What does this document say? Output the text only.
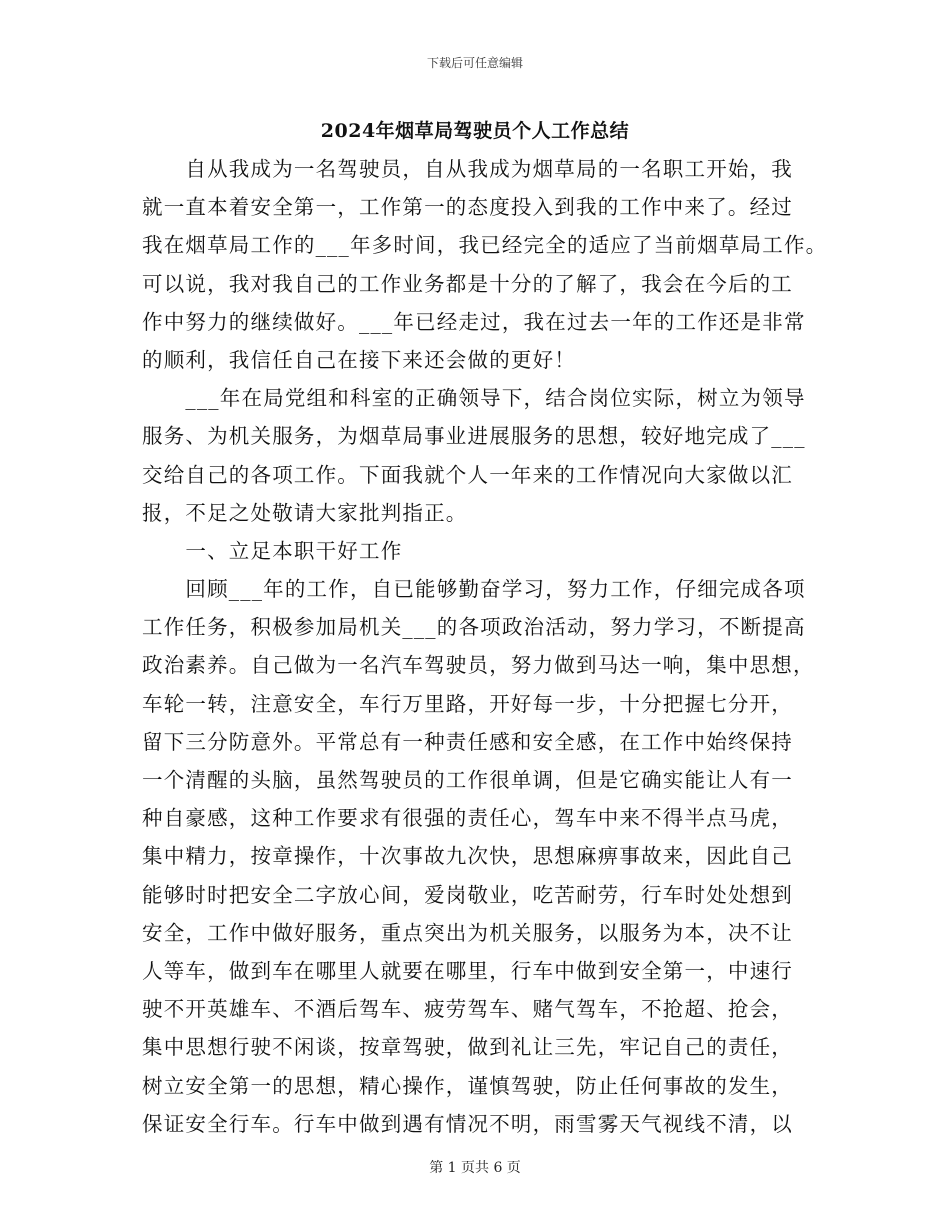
下载后可任意编辑
2024年烟草局驾驶员个人工作总结
　　自从我成为一名驾驶员，自从我成为烟草局的一名职工开始，我
就一直本着安全第一，工作第一的态度投入到我的工作中来了。经过
我在烟草局工作的___年多时间，我已经完全的适应了当前烟草局工作。
可以说，我对我自己的工作业务都是十分的了解了，我会在今后的工
作中努力的继续做好。___年已经走过，我在过去一年的工作还是非常
的顺利，我信任自己在接下来还会做的更好！
　　___年在局党组和科室的正确领导下，结合岗位实际，树立为领导
服务、为机关服务，为烟草局事业进展服务的思想，较好地完成了___
交给自己的各项工作。下面我就个人一年来的工作情况向大家做以汇
报，不足之处敬请大家批判指正。
　　一、立足本职干好工作
　　回顾___年的工作，自已能够勤奋学习，努力工作，仔细完成各项
工作任务，积极参加局机关___的各项政治活动，努力学习，不断提高
政治素养。自己做为一名汽车驾驶员，努力做到马达一响，集中思想，
车轮一转，注意安全，车行万里路，开好每一步，十分把握七分开，
留下三分防意外。平常总有一种责任感和安全感，在工作中始终保持
一个清醒的头脑，虽然驾驶员的工作很单调，但是它确实能让人有一
种自豪感，这种工作要求有很强的责任心，驾车中来不得半点马虎，
集中精力，按章操作，十次事故九次快，思想麻痹事故来，因此自己
能够时时把安全二字放心间，爱岗敬业，吃苦耐劳，行车时处处想到
安全，工作中做好服务，重点突出为机关服务，以服务为本，决不让
人等车，做到车在哪里人就要在哪里，行车中做到安全第一，中速行
驶不开英雄车、不酒后驾车、疲劳驾车、赌气驾车，不抢超、抢会，
集中思想行驶不闲谈，按章驾驶，做到礼让三先，牢记自己的责任，
树立安全第一的思想，精心操作，谨慎驾驶，防止任何事故的发生，
保证安全行车。行车中做到遇有情况不明，雨雪雾天气视线不清，以
第 1 页共 6 页
